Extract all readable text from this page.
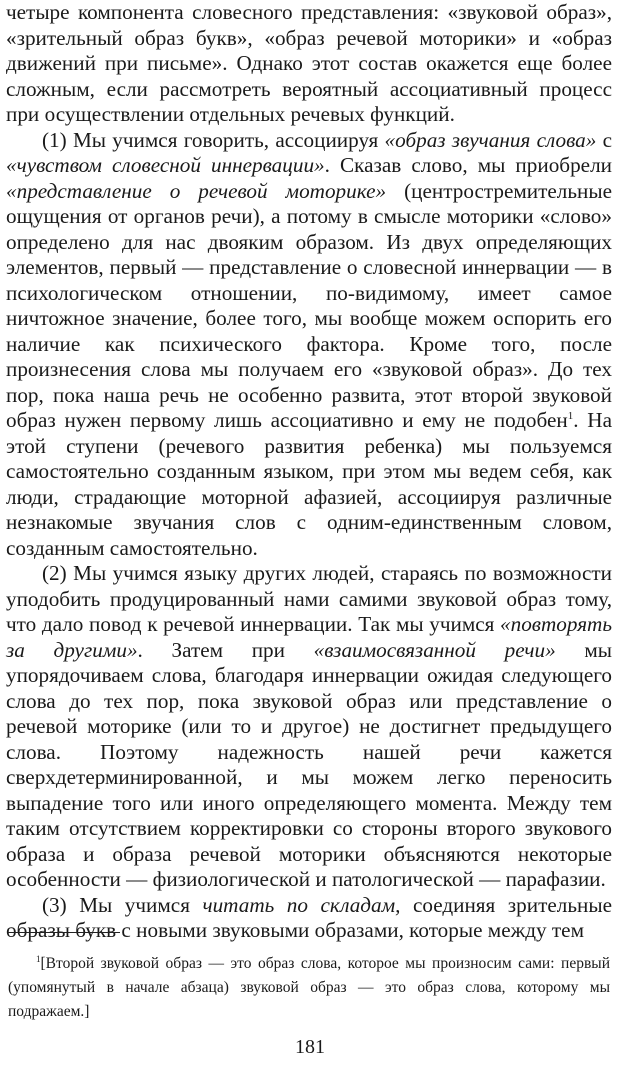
четыре компонента словесного представления: «звуковой образ», «зрительный образ букв», «образ речевой моторики» и «образ движений при письме». Однако этот состав окажется еще более сложным, если рассмотреть вероятный ассоциативный процесс при осуществлении отдельных речевых функций.

(1) Мы учимся говорить, ассоциируя «образ звучания слова» с «чувством словесной иннервации». Сказав слово, мы приобрели «представление о речевой моторике» (центростремительные ощущения от органов речи), а потому в смысле моторики «слово» определено для нас двояким образом. Из двух определяющих элементов, первый — представление о словесной иннервации — в психологическом отношении, по-видимому, имеет самое ничтожное значение, более того, мы вообще можем оспорить его наличие как психического фактора. Кроме того, после произнесения слова мы получаем его «звуковой образ». До тех пор, пока наша речь не особенно развита, этот второй звуковой образ нужен первому лишь ассоциативно и ему не подобен$^1$. На этой ступени (речевого развития ребенка) мы пользуемся самостоятельно созданным языком, при этом мы ведем себя, как люди, страдающие моторной афазией, ассоциируя различные незнакомые звучания слов с одним-единственным словом, созданным самостоятельно.

(2) Мы учимся языку других людей, стараясь по возможности уподобить продуцированный нами самими звуковой образ тому, что дало повод к речевой иннервации. Так мы учимся «повторять за другими». Затем при «взаимосвязанной речи» мы упорядочиваем слова, благодаря иннервации ожидая следующего слова до тех пор, пока звуковой образ или представление о речевой моторике (или то и другое) не достигнет предыдущего слова. Поэтому надежность нашей речи кажется сверхдетерминированной, и мы можем легко переносить выпадение того или иного определяющего момента. Между тем таким отсутствием корректировки со стороны второго звукового образа и образа речевой моторики объясняются некоторые особенности — физиологической и патологической — парафазии.

(3) Мы учимся читать по складам, соединяя зрительные образы букв с новыми звуковыми образами, которые между тем

$^1$[Второй звуковой образ — это образ слова, которое мы произносим сами: первый (упомянутый в начале абзаца) звуковой образ — это образ слова, которому мы подражаем.]
181
